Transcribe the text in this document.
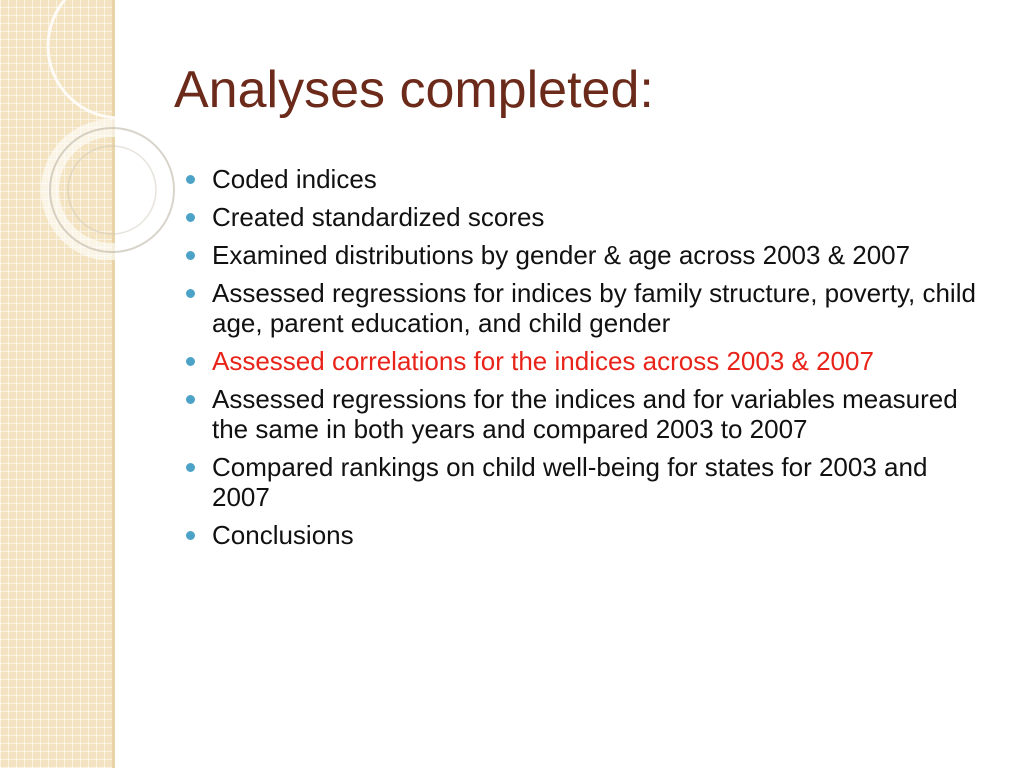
Analyses completed:
Coded indices
Created standardized scores
Examined distributions by gender & age across 2003 & 2007
Assessed regressions for indices by family structure, poverty, child age, parent education, and child gender
Assessed correlations for the indices across 2003 & 2007
Assessed regressions for the indices and for variables measured the same in both years and compared 2003 to 2007
Compared rankings on child well-being for states for 2003 and 2007
Conclusions
